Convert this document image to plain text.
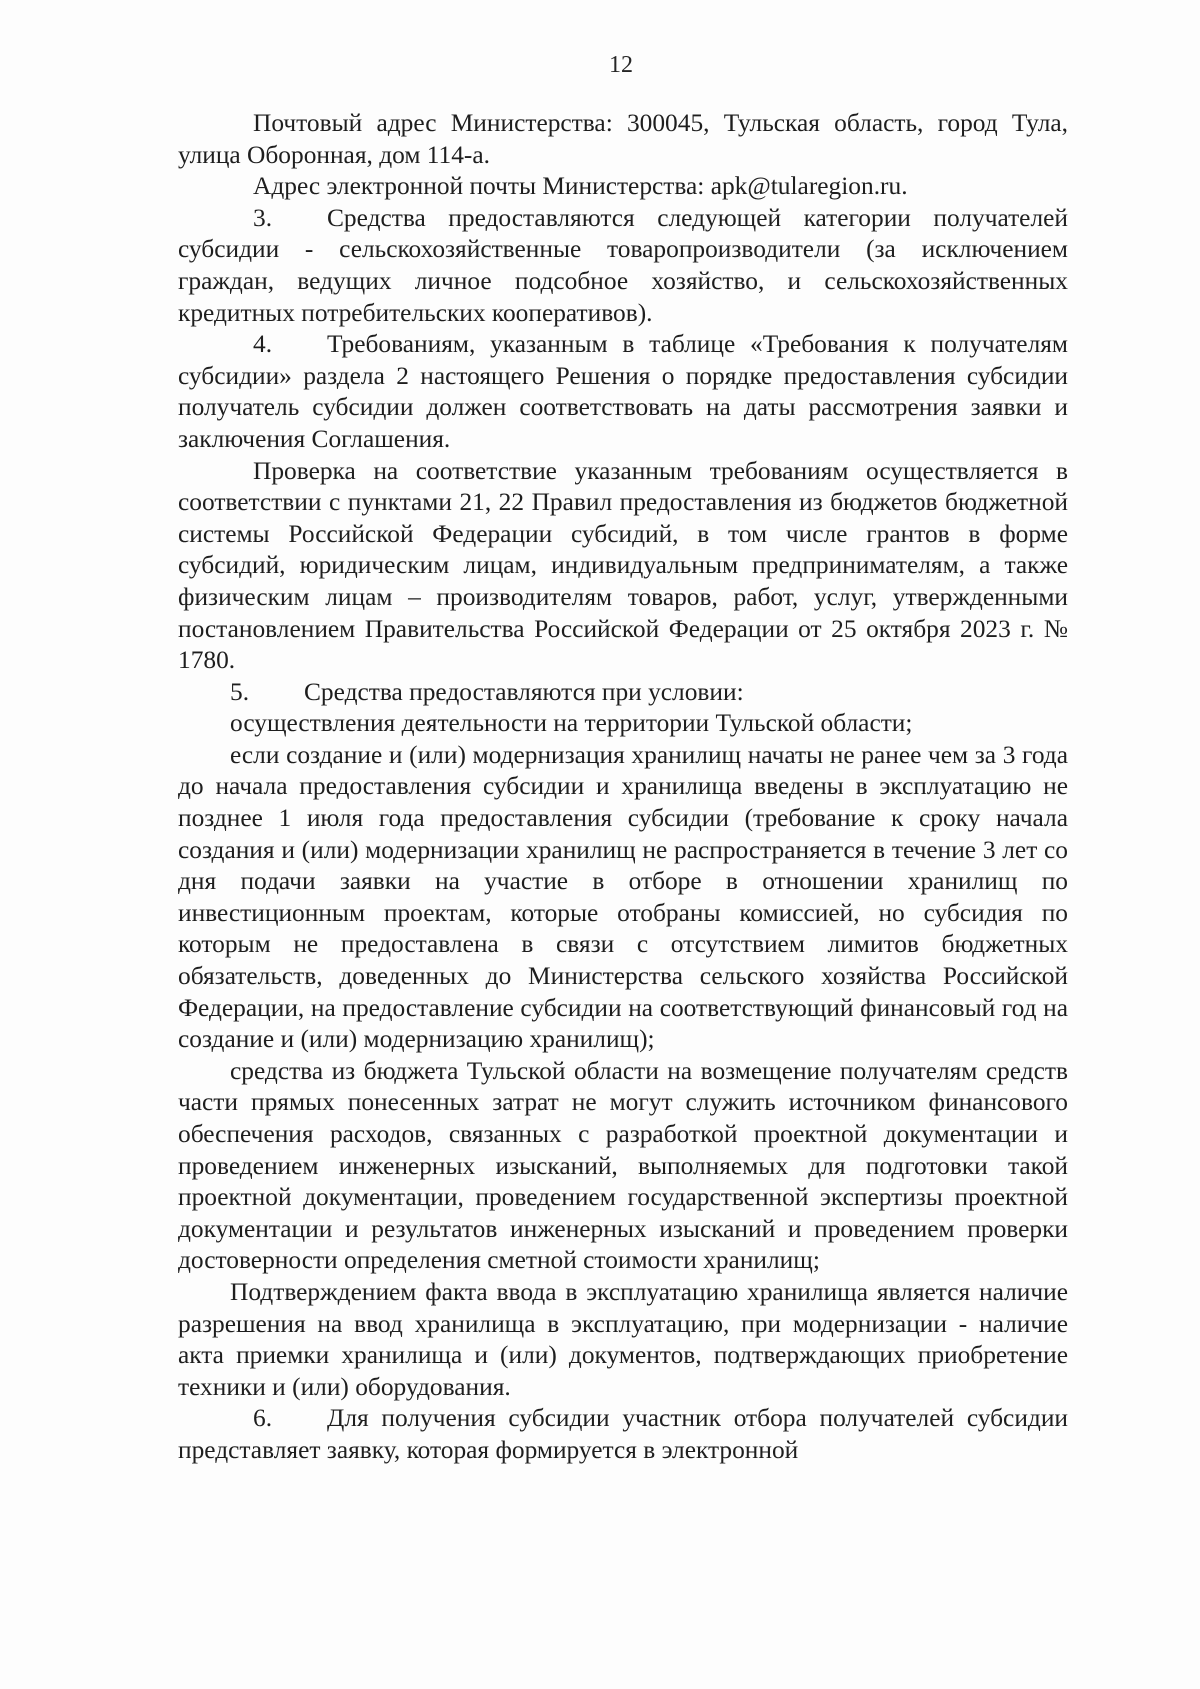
12

Почтовый адрес Министерства: 300045, Тульская область, город Тула, улица Оборонная, дом 114-а.

Адрес электронной почты Министерства: apk@tularegion.ru.

3. Средства предоставляются следующей категории получателей субсидии - сельскохозяйственные товаропроизводители (за исключением граждан, ведущих личное подсобное хозяйство, и сельскохозяйственных кредитных потребительских кооперативов).

4. Требованиям, указанным в таблице «Требования к получателям субсидии» раздела 2 настоящего Решения о порядке предоставления субсидии получатель субсидии должен соответствовать на даты рассмотрения заявки и заключения Соглашения.

Проверка на соответствие указанным требованиям осуществляется в соответствии с пунктами 21, 22 Правил предоставления из бюджетов бюджетной системы Российской Федерации субсидий, в том числе грантов в форме субсидий, юридическим лицам, индивидуальным предпринимателям, а также физическим лицам – производителям товаров, работ, услуг, утвержденными постановлением Правительства Российской Федерации от 25 октября 2023 г. № 1780.

5. Средства предоставляются при условии:

осуществления деятельности на территории Тульской области;

если создание и (или) модернизация хранилищ начаты не ранее чем за 3 года до начала предоставления субсидии и хранилища введены в эксплуатацию не позднее 1 июля года предоставления субсидии (требование к сроку начала создания и (или) модернизации хранилищ не распространяется в течение 3 лет со дня подачи заявки на участие в отборе в отношении хранилищ по инвестиционным проектам, которые отобраны комиссией, но субсидия по которым не предоставлена в связи с отсутствием лимитов бюджетных обязательств, доведенных до Министерства сельского хозяйства Российской Федерации, на предоставление субсидии на соответствующий финансовый год на создание и (или) модернизацию хранилищ);

средства из бюджета Тульской области на возмещение получателям средств части прямых понесенных затрат не могут служить источником финансового обеспечения расходов, связанных с разработкой проектной документации и проведением инженерных изысканий, выполняемых для подготовки такой проектной документации, проведением государственной экспертизы проектной документации и результатов инженерных изысканий и проведением проверки достоверности определения сметной стоимости хранилищ;

Подтверждением факта ввода в эксплуатацию хранилища является наличие разрешения на ввод хранилища в эксплуатацию, при модернизации - наличие акта приемки хранилища и (или) документов, подтверждающих приобретение техники и (или) оборудования.

6. Для получения субсидии участник отбора получателей субсидии представляет заявку, которая формируется в электронной
